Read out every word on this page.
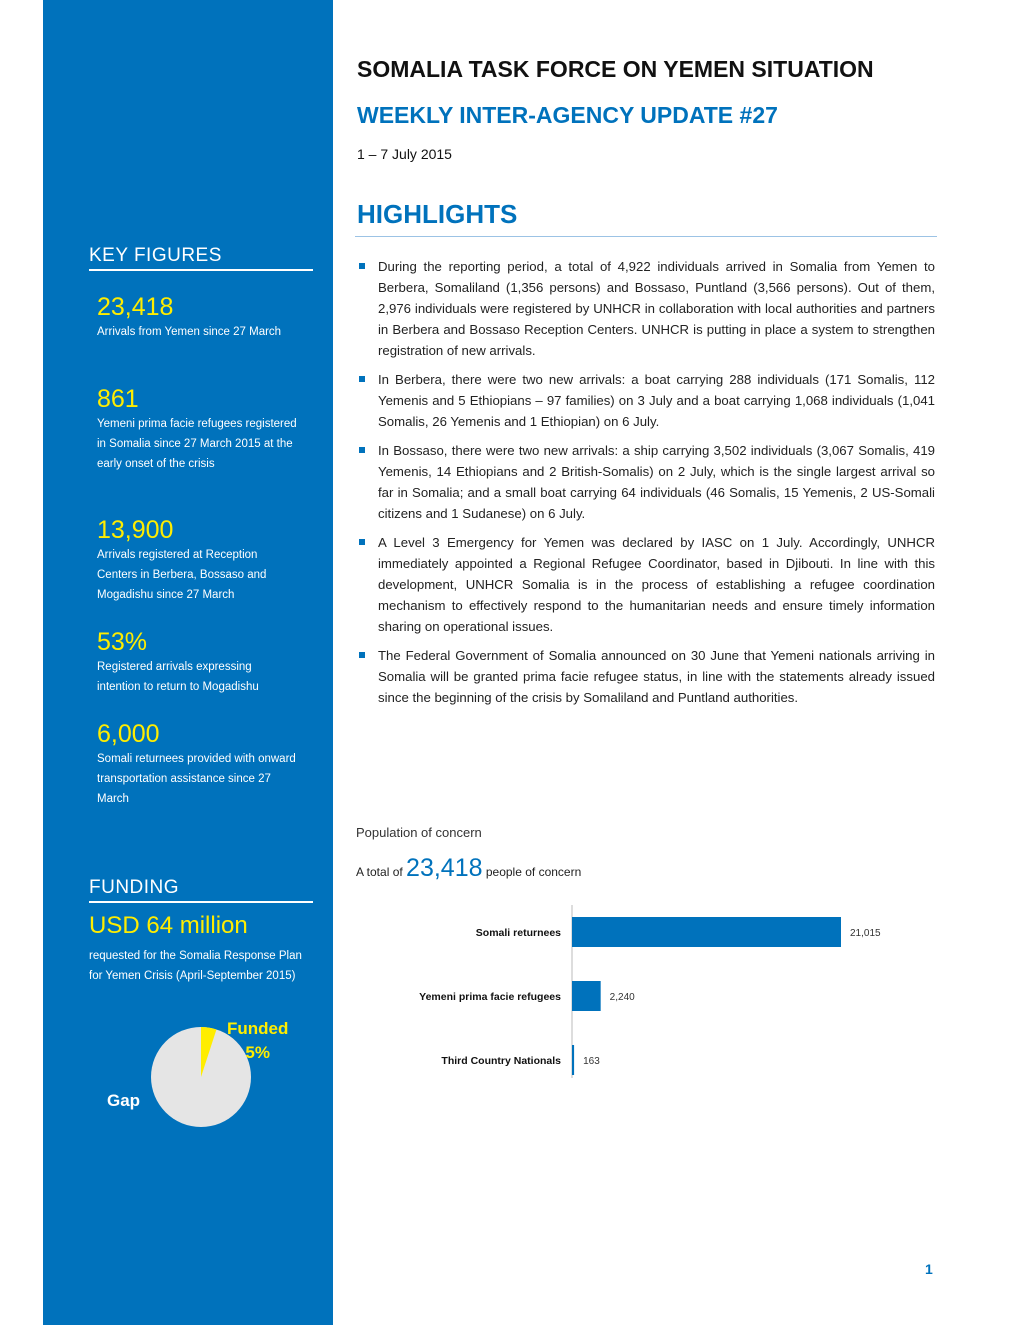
KEY FIGURES
23,418
Arrivals from Yemen since 27 March
861
Yemeni prima facie refugees registered in Somalia since 27 March 2015 at the early onset of the crisis
13,900
Arrivals registered at Reception Centers in Berbera, Bossaso and Mogadishu since 27 March
53%
Registered arrivals expressing intention to return to Mogadishu
6,000
Somali returnees provided with onward transportation assistance since 27 March
FUNDING
USD 64 million
requested for the Somalia Response Plan for Yemen Crisis (April-September 2015)
Funded
5%
Gap
SOMALIA TASK FORCE ON YEMEN SITUATION
WEEKLY INTER-AGENCY UPDATE #27
1 – 7 July 2015
HIGHLIGHTS
During the reporting period, a total of 4,922 individuals arrived in Somalia from Yemen to Berbera, Somaliland (1,356 persons) and Bossaso, Puntland (3,566 persons). Out of them, 2,976 individuals were registered by UNHCR in collaboration with local authorities and partners in Berbera and Bossaso Reception Centers. UNHCR is putting in place a system to strengthen registration of new arrivals.
In Berbera, there were two new arrivals: a boat carrying 288 individuals (171 Somalis, 112 Yemenis and 5 Ethiopians – 97 families) on 3 July and a boat carrying 1,068 individuals (1,041 Somalis, 26 Yemenis and 1 Ethiopian) on 6 July.
In Bossaso, there were two new arrivals: a ship carrying 3,502 individuals (3,067 Somalis, 419 Yemenis, 14 Ethiopians and 2 British-Somalis) on 2 July, which is the single largest arrival so far in Somalia; and a small boat carrying 64 individuals (46 Somalis, 15 Yemenis, 2 US-Somali citizens and 1 Sudanese) on 6 July.
A Level 3 Emergency for Yemen was declared by IASC on 1 July. Accordingly, UNHCR immediately appointed a Regional Refugee Coordinator, based in Djibouti. In line with this development, UNHCR Somalia is in the process of establishing a refugee coordination mechanism to effectively respond to the humanitarian needs and ensure timely information sharing on operational issues.
The Federal Government of Somalia announced on 30 June that Yemeni nationals arriving in Somalia will be granted prima facie refugee status, in line with the statements already issued since the beginning of the crisis by Somaliland and Puntland authorities.
Population of concern
A total of 23,418 people of concern
Somali returnees	21,015
Yemeni prima facie refugees	2,240
Third Country Nationals 163
1
